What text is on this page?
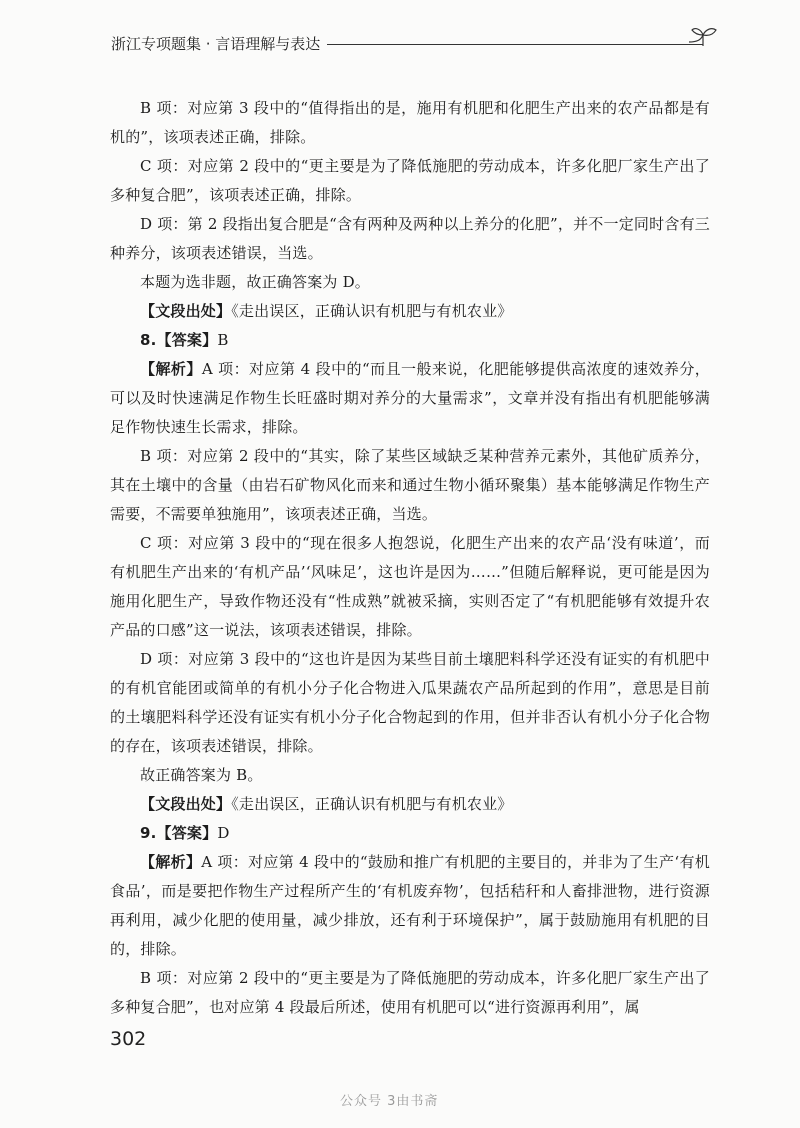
浙江专项题集 · 言语理解与表达

B 项：对应第 3 段中的“值得指出的是，施用有机肥和化肥生产出来的农产品都是有机的”，该项表述正确，排除。

C 项：对应第 2 段中的“更主要是为了降低施肥的劳动成本，许多化肥厂家生产出了多种复合肥”，该项表述正确，排除。

D 项：第 2 段指出复合肥是“含有两种及两种以上养分的化肥”，并不一定同时含有三种养分，该项表述错误，当选。

本题为选非题，故正确答案为 D。

【文段出处】《走出误区，正确认识有机肥与有机农业》

8.【答案】B

【解析】A 项：对应第 4 段中的“而且一般来说，化肥能够提供高浓度的速效养分，可以及时快速满足作物生长旺盛时期对养分的大量需求”，文章并没有指出有机肥能够满足作物快速生长需求，排除。

B 项：对应第 2 段中的“其实，除了某些区域缺乏某种营养元素外，其他矿质养分，其在土壤中的含量（由岩石矿物风化而来和通过生物小循环聚集）基本能够满足作物生产需要，不需要单独施用”，该项表述正确，当选。

C 项：对应第 3 段中的“现在很多人抱怨说，化肥生产出来的农产品‘没有味道’，而有机肥生产出来的‘有机产品’‘风味足’，这也许是因为……”但随后解释说，更可能是因为施用化肥生产，导致作物还没有“性成熟”就被采摘，实则否定了“有机肥能够有效提升农产品的口感”这一说法，该项表述错误，排除。

D 项：对应第 3 段中的“这也许是因为某些目前土壤肥料科学还没有证实的有机肥中的有机官能团或简单的有机小分子化合物进入瓜果蔬农产品所起到的作用”，意思是目前的土壤肥料科学还没有证实有机小分子化合物起到的作用，但并非否认有机小分子化合物的存在，该项表述错误，排除。

故正确答案为 B。

【文段出处】《走出误区，正确认识有机肥与有机农业》

9.【答案】D

【解析】A 项：对应第 4 段中的“鼓励和推广有机肥的主要目的，并非为了生产‘有机食品’，而是要把作物生产过程所产生的‘有机废弃物’，包括秸秆和人畜排泄物，进行资源再利用，减少化肥的使用量，减少排放，还有利于环境保护”，属于鼓励施用有机肥的目的，排除。

B 项：对应第 2 段中的“更主要是为了降低施肥的劳动成本，许多化肥厂家生产出了多种复合肥”，也对应第 4 段最后所述，使用有机肥可以“进行资源再利用”，属

302
公众号 3由书斋
